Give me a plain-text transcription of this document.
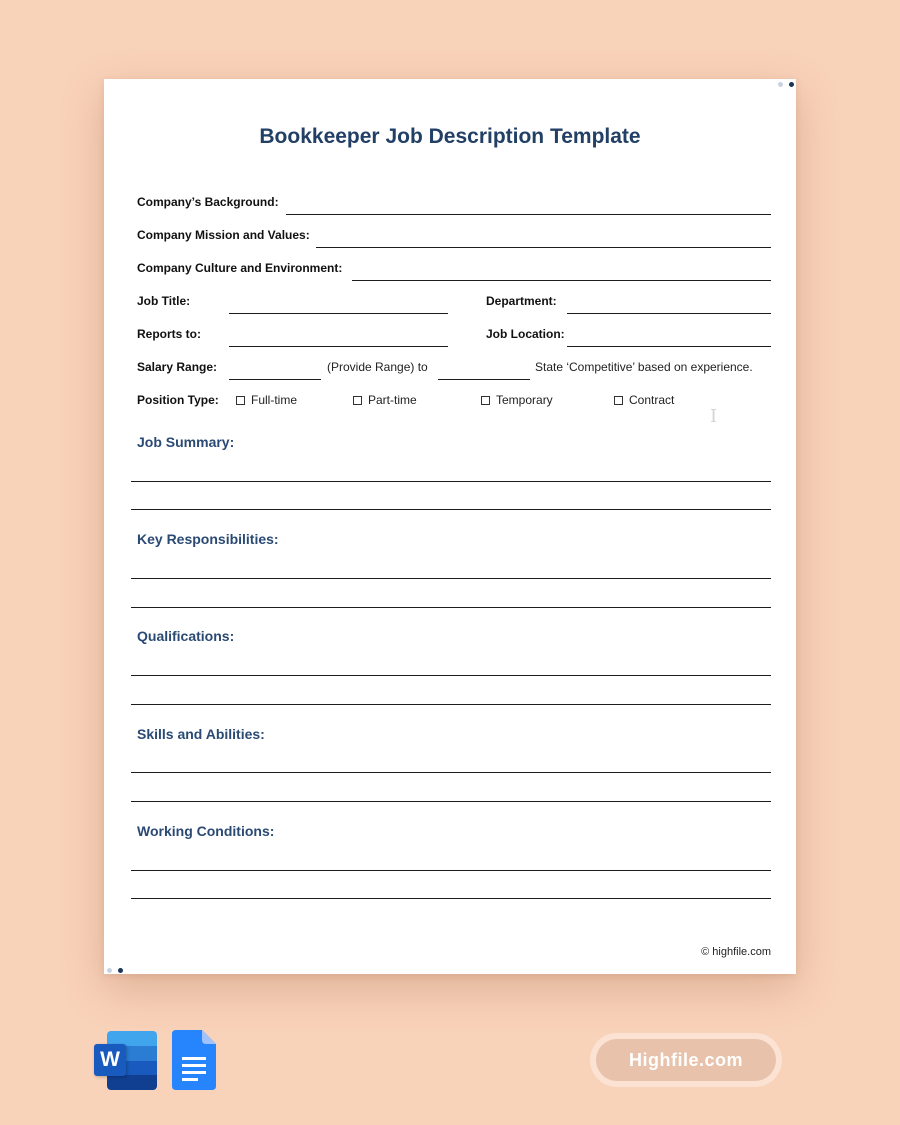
Bookkeeper Job Description Template
Company’s Background:
Company Mission and Values:
Company Culture and Environment:
Job Title:	Department:
Reports to:	Job Location:
Salary Range:	(Provide Range) to	State ‘Competitive’ based on experience.
Position Type:	Full-time	Part-time	Temporary	Contract
I
Job Summary:
Key Responsibilities:
Qualifications:
Skills and Abilities:
Working Conditions:
© highfile.com
W	Highfile.com
